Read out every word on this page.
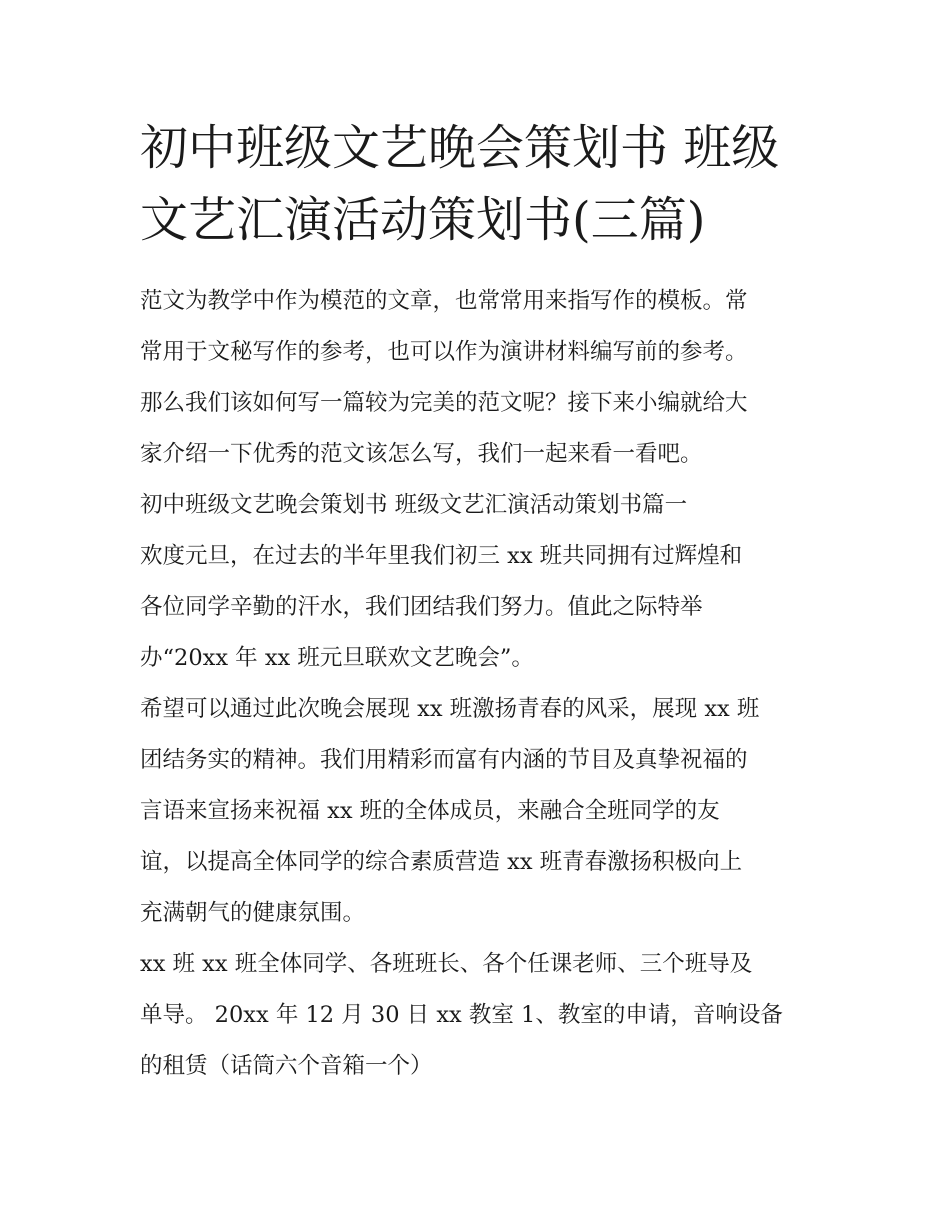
初中班级文艺晚会策划书 班级
文艺汇演活动策划书(三篇)
范文为教学中作为模范的文章，也常常用来指写作的模板。常
常用于文秘写作的参考，也可以作为演讲材料编写前的参考。
那么我们该如何写一篇较为完美的范文呢？接下来小编就给大
家介绍一下优秀的范文该怎么写，我们一起来看一看吧。
初中班级文艺晚会策划书 班级文艺汇演活动策划书篇一
欢度元旦，在过去的半年里我们初三 xx 班共同拥有过辉煌和
各位同学辛勤的汗水，我们团结我们努力。值此之际特举
办“20xx 年 xx 班元旦联欢文艺晚会”。
希望可以通过此次晚会展现 xx 班激扬青春的风采，展现 xx 班
团结务实的精神。我们用精彩而富有内涵的节目及真挚祝福的
言语来宣扬来祝福 xx 班的全体成员，来融合全班同学的友
谊，以提高全体同学的综合素质营造 xx 班青春激扬积极向上
充满朝气的健康氛围。
xx 班 xx 班全体同学、各班班长、各个任课老师、三个班导及
单导。 20xx 年 12 月 30 日 xx 教室 1、教室的申请，音响设备
的租赁（话筒六个音箱一个）
